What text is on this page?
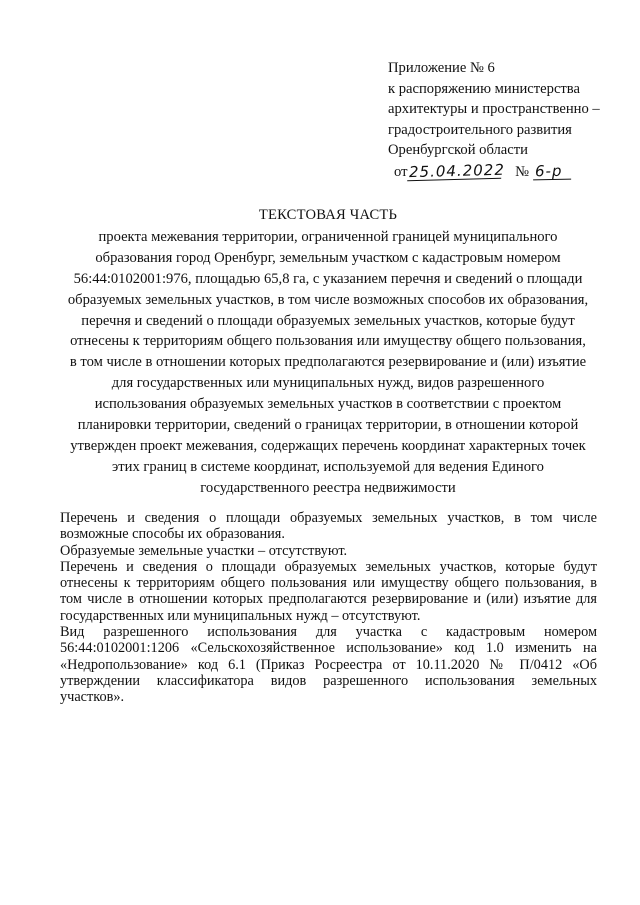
Приложение № 6
к распоряжению министерства
архитектуры и пространственно –
градостроительного развития
Оренбургской области
от 25.04.2022 № 6-р
ТЕКСТОВАЯ ЧАСТЬ
проекта межевания территории, ограниченной границей муниципального
образования город Оренбург, земельным участком с кадастровым номером
56:44:0102001:976, площадью 65,8 га, с указанием перечня и сведений о площади
образуемых земельных участков, в том числе возможных способов их образования,
перечня и сведений о площади образуемых земельных участков, которые будут
отнесены к территориям общего пользования или имуществу общего пользования,
в том числе в отношении которых предполагаются резервирование и (или) изъятие
для государственных или муниципальных нужд, видов разрешенного
использования образуемых земельных участков в соответствии с проектом
планировки территории, сведений о границах территории, в отношении которой
утвержден проект межевания, содержащих перечень координат характерных точек
этих границ в системе координат, используемой для ведения Единого
государственного реестра недвижимости

Перечень и сведения о площади образуемых земельных участков, в том числе возможные способы их образования.

Образуемые земельные участки – отсутствуют.

Перечень и сведения о площади образуемых земельных участков, которые будут отнесены к территориям общего пользования или имуществу общего пользования, в том числе в отношении которых предполагаются резервирование и (или) изъятие для государственных или муниципальных нужд – отсутствуют.

Вид разрешенного использования для участка с кадастровым номером 56:44:0102001:1206 «Сельскохозяйственное использование» код 1.0 изменить на «Недропользование» код 6.1 (Приказ Росреестра от 10.11.2020 № П/0412 «Об утверждении классификатора видов разрешенного использования земельных участков».
